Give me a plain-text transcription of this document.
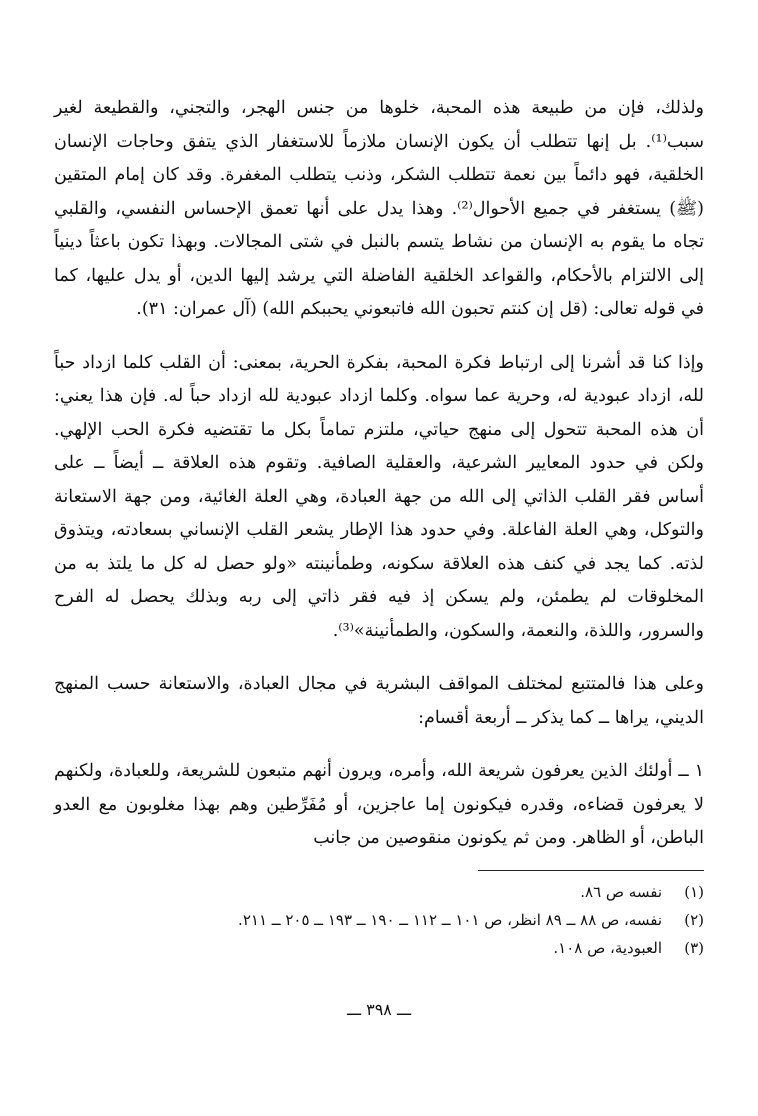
ولذلك، فإن من طبيعة هذه المحبة، خلوها من جنس الهجر، والتجني، والقطيعة لغير سبب⁽¹⁾. بل إنها تتطلب أن يكون الإنسان ملازماً للاستغفار الذي يتفق وحاجات الإنسان الخلقية، فهو دائماً بين نعمة تتطلب الشكر، وذنب يتطلب المغفرة. وقد كان إمام المتقين (ﷺ) يستغفر في جميع الأحوال⁽²⁾. وهذا يدل على أنها تعمق الإحساس النفسي، والقلبي تجاه ما يقوم به الإنسان من نشاط يتسم بالنبل في شتى المجالات. وبهذا تكون باعثاً دينياً إلى الالتزام بالأحكام، والقواعد الخلقية الفاضلة التي يرشد إليها الدين، أو يدل عليها، كما في قوله تعالى: (قل إن كنتم تحبون الله فاتبعوني يحببكم الله) (آل عمران: ٣١).

وإذا كنا قد أشرنا إلى ارتباط فكرة المحبة، بفكرة الحرية، بمعنى: أن القلب كلما ازداد حباً لله، ازداد عبودية له، وحرية عما سواه. وكلما ازداد عبودية لله ازداد حباً له. فإن هذا يعني: أن هذه المحبة تتحول إلى منهج حياتي، ملتزم تماماً بكل ما تقتضيه فكرة الحب الإلهي. ولكن في حدود المعايير الشرعية، والعقلية الصافية. وتقوم هذه العلاقة ــ أيضاً ــ على أساس فقر القلب الذاتي إلى الله من جهة العبادة، وهي العلة الغائية، ومن جهة الاستعانة والتوكل، وهي العلة الفاعلة. وفي حدود هذا الإطار يشعر القلب الإنساني بسعادته، ويتذوق لذته. كما يجد في كنف هذه العلاقة سكونه، وطمأنينته «ولو حصل له كل ما يلتذ به من المخلوقات لم يطمئن، ولم يسكن إذ فيه فقر ذاتي إلى ربه وبذلك يحصل له الفرح والسرور، واللذة، والنعمة، والسكون، والطمأنينة»⁽³⁾.

وعلى هذا فالمتتبع لمختلف المواقف البشرية في مجال العبادة، والاستعانة حسب المنهج الديني، يراها ــ كما يذكر ــ أربعة أقسام:

١ ــ أولئك الذين يعرفون شريعة الله، وأمره، ويرون أنهم متبعون للشريعة، وللعبادة، ولكنهم لا يعرفون قضاءه، وقدره فيكونون إما عاجزين، أو مُفَرِّطين وهم بهذا مغلوبون مع العدو الباطن، أو الظاهر. ومن ثم يكونون منقوصين من جانب

(١)
نفسه ص ٨٦.
(٢)
نفسه، ص ٨٨ ــ ٨٩ انظر، ص ١٠١ ــ ١١٢ ــ ١٩٠ ــ ١٩٣ ــ ٢٠٥ ــ ٢١١.
(٣)
العبودية، ص ١٠٨.
ـــ ٣٩٨ ـــ
